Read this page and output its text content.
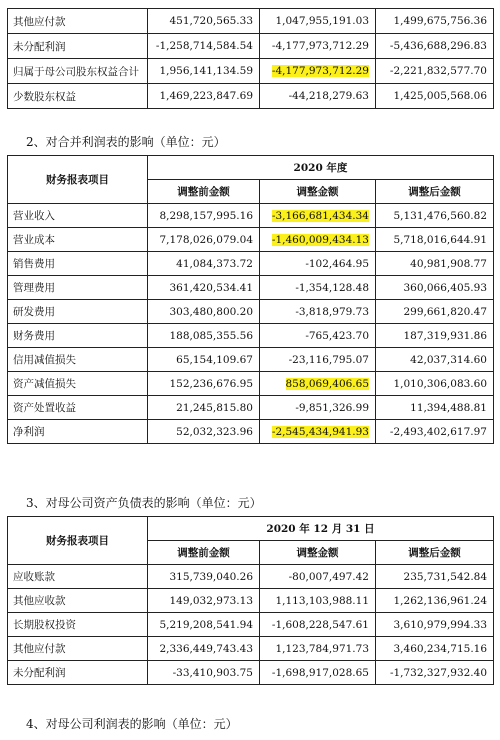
其他应付款	451,720,565.33	1,047,955,191.03	1,499,675,756.36
未分配利润	-1,258,714,584.54	-4,177,973,712.29	-5,436,688,296.83
归属于母公司股东权益合计	1,956,141,134.59	-4,177,973,712.29	-2,221,832,577.70
少数股东权益	1,469,223,847.69	-44,218,279.63	1,425,005,568.06
2、对合并利润表的影响（单位：元）
财务报表项目	2020 年度		
	调整前金额	调整金额	调整后金额
营业收入	8,298,157,995.16	-3,166,681,434.34	5,131,476,560.82
营业成本	7,178,026,079.04	-1,460,009,434.13	5,718,016,644.91
销售费用	41,084,373.72	-102,464.95	40,981,908.77
管理费用	361,420,534.41	-1,354,128.48	360,066,405.93
研发费用	303,480,800.20	-3,818,979.73	299,661,820.47
财务费用	188,085,355.56	-765,423.70	187,319,931.86
信用减值损失	65,154,109.67	-23,116,795.07	42,037,314.60
资产减值损失	152,236,676.95	858,069,406.65	1,010,306,083.60
资产处置收益	21,245,815.80	-9,851,326.99	11,394,488.81
净利润	52,032,323.96	-2,545,434,941.93	-2,493,402,617.97
3、对母公司资产负债表的影响（单位：元）
财务报表项目	2020 年 12 月 31 日		
	调整前金额	调整金额	调整后金额
应收账款	315,739,040.26	-80,007,497.42	235,731,542.84
其他应收款	149,032,973.13	1,113,103,988.11	1,262,136,961.24
长期股权投资	5,219,208,541.94	-1,608,228,547.61	3,610,979,994.33
其他应付款	2,336,449,743.43	1,123,784,971.73	3,460,234,715.16
未分配利润	-33,410,903.75	-1,698,917,028.65	-1,732,327,932.40
4、对母公司利润表的影响（单位：元）
